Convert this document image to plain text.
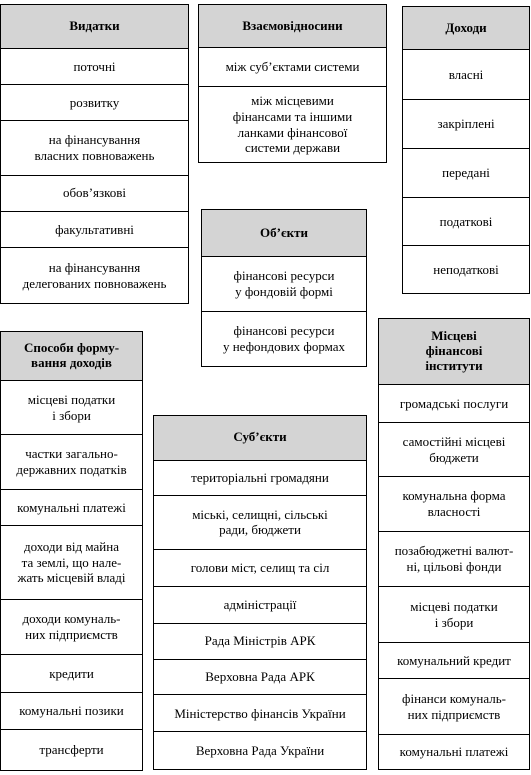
Видатки
поточні
розвитку
на фінансування
власних повноважень
обов’язкові
факультативні
на фінансування
делегованих повноважень
Взаємовідносини
між суб’єктами системи
між місцевими
фінансами та іншими
ланками фінансової
системи держави
Доходи
власні
закріплені
передані
податкові
неподаткові
Об’єкти
фінансові ресурси
у фондовій формі
фінансові ресурси
у нефондових формах
Способи форму-
вання доходів
місцеві податки
і збори
частки загально-
державних податків
комунальні платежі
доходи від майна
та землі, що нале-
жать місцевій владі
доходи комуналь-
них підприємств
кредити
комунальні позики
трансферти
Суб’єкти
територіальні громадяни
міські, селищні, сільські
ради, бюджети
голови міст, селищ та сіл
адміністрації
Рада Міністрів АРК
Верховна Рада АРК
Міністерство фінансів України
Верховна Рада України
Місцеві
фінансові
інститути
громадські послуги
самостійні місцеві
бюджети
комунальна форма
власності
позабюджетні валют-
ні, цільові фонди
місцеві податки
і збори
комунальний кредит
фінанси комуналь-
них підприємств
комунальні платежі
